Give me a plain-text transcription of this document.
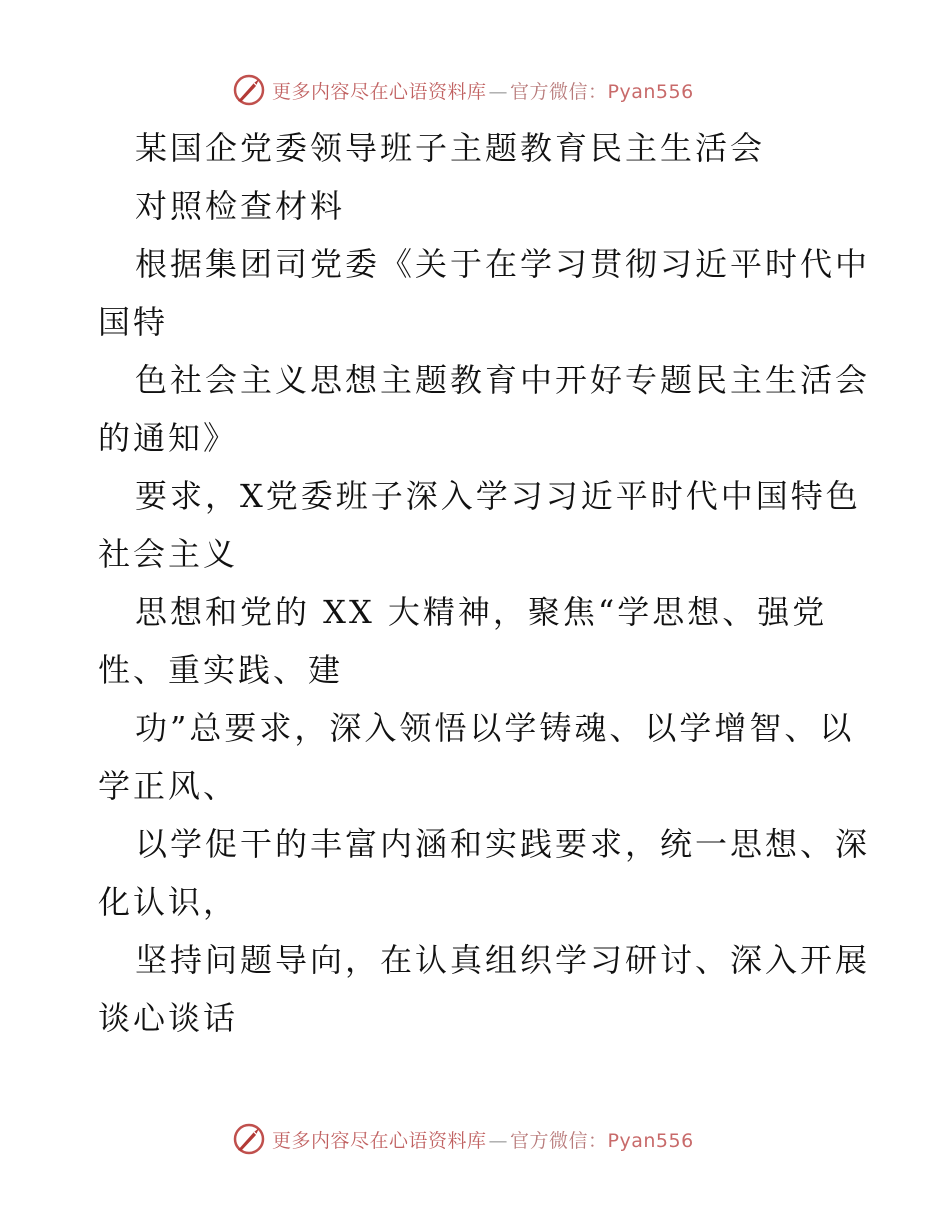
更多内容尽在心语资料库 — 官方微信：Pyan556
某国企党委领导班子主题教育民主生活会
对照检查材料
根据集团司党委《关于在学习贯彻习近平时代中
国特
色社会主义思想主题教育中开好专题民主生活会
的通知》
要求，X党委班子深入学习习近平时代中国特色
社会主义
思想和党的 XX 大精神，聚焦“学思想、强党
性、重实践、建
功”总要求，深入领悟以学铸魂、以学增智、以
学正风、
以学促干的丰富内涵和实践要求，统一思想、深
化认识，
坚持问题导向，在认真组织学习研讨、深入开展
谈心谈话
更多内容尽在心语资料库 — 官方微信：Pyan556
